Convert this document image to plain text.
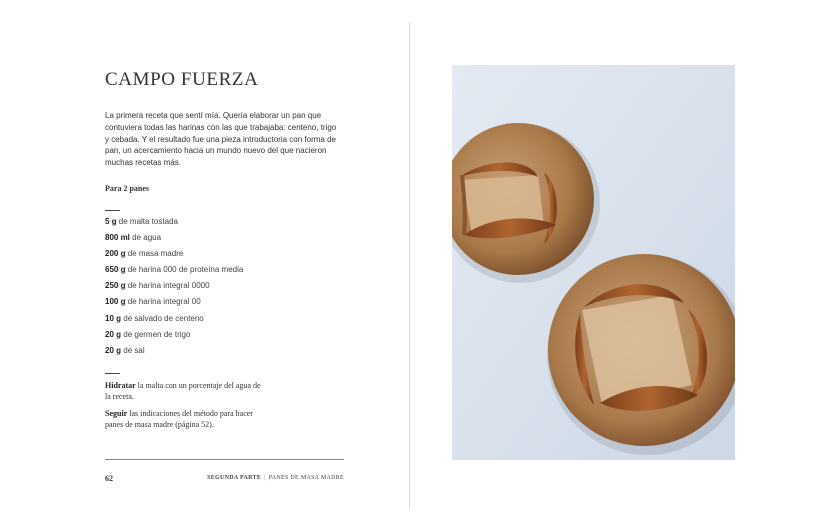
CAMPO FUERZA

La primera receta que sentí mía. Quería elaborar un pan que contuviera todas las harinas con las que trabajaba: centeno, trigo y cebada. Y el resultado fue una pieza introductoria con forma de pan, un acercamiento hacia un mundo nuevo del que nacieron muchas recetas más.

Para 2 panes

5 g de malta tostada
800 ml de agua
200 g de masa madre
650 g de harina 000 de proteína media
250 g de harina integral 0000
100 g de harina integral 00
10 g de salvado de centeno
20 g de germen de trigo
20 g de sal

Hidratar la malta con un porcentaje del agua de la receta.

Seguir las indicaciones del método para hacer panes de masa madre (página 52).

62	SEGUNDA PARTE | PANES DE MASA MADRE
